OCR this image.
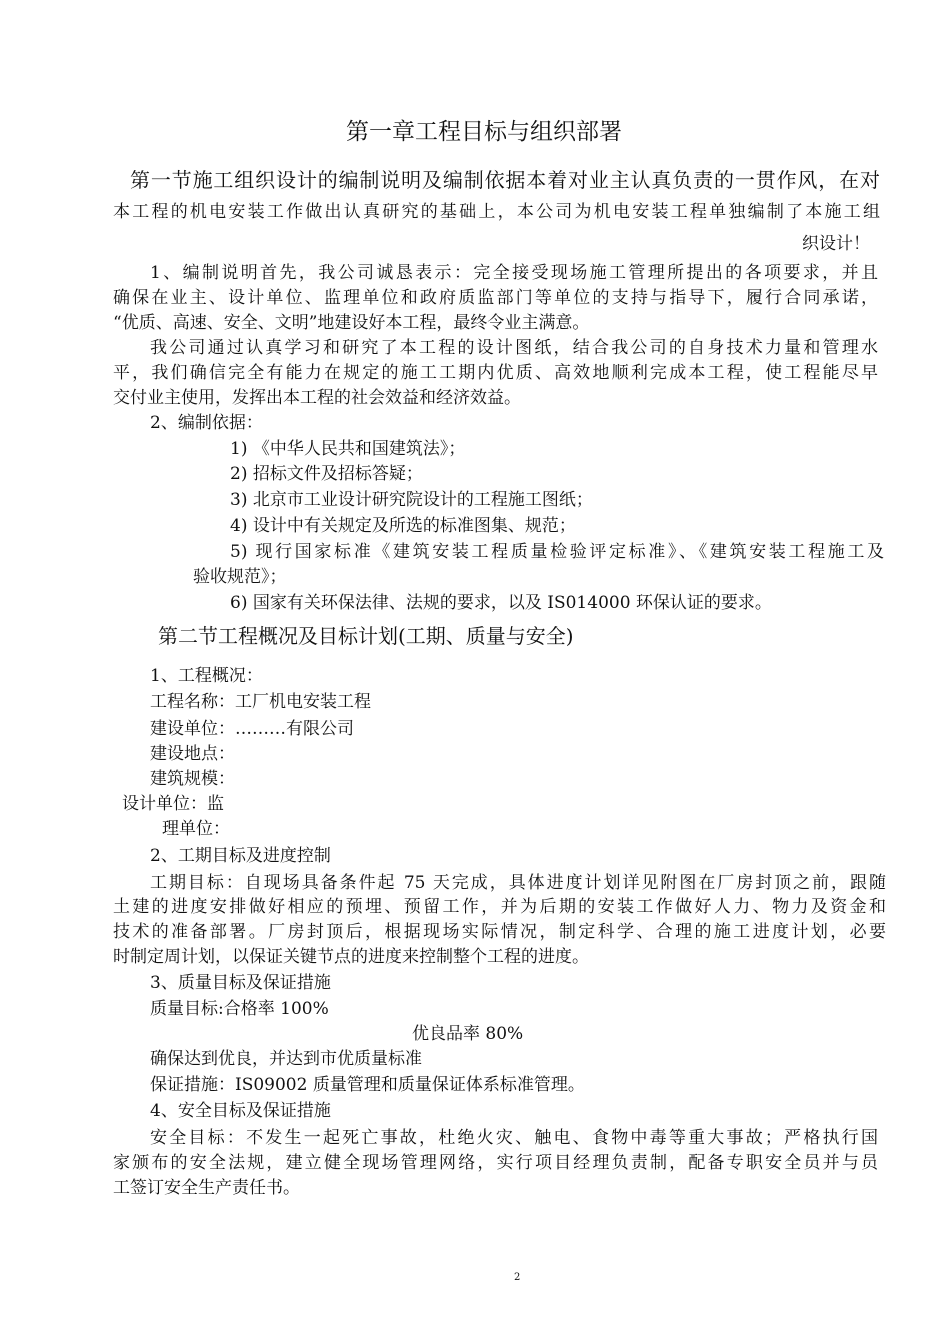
第一章工程目标与组织部署
第一节施工组织设计的编制说明及编制依据本着对业主认真负责的一贯作风，在对
本工程的机电安装工作做出认真研究的基础上，本公司为机电安装工程单独编制了本施工组
织设计！
1、编制说明首先，我公司诚恳表示：完全接受现场施工管理所提出的各项要求，并且
确保在业主、设计单位、监理单位和政府质监部门等单位的支持与指导下，履行合同承诺，
“优质、高速、安全、文明”地建设好本工程，最终令业主满意。
我公司通过认真学习和研究了本工程的设计图纸，结合我公司的自身技术力量和管理水
平，我们确信完全有能力在规定的施工工期内优质、高效地顺利完成本工程，使工程能尽早
交付业主使用，发挥出本工程的社会效益和经济效益。
2、编制依据：
1) 《中华人民共和国建筑法》；
2) 招标文件及招标答疑；
3) 北京市工业设计研究院设计的工程施工图纸；
4) 设计中有关规定及所选的标准图集、规范；
5) 现行国家标准《建筑安装工程质量检验评定标准》、《建筑安装工程施工及
验收规范》；
6) 国家有关环保法律、法规的要求，以及 IS014000 环保认证的要求。
第二节工程概况及目标计划(工期、质量与安全)
1、工程概况：
工程名称：工厂机电安装工程
建设单位：………有限公司
建设地点：
建筑规模：
设计单位：监
理单位：
2、工期目标及进度控制
工期目标：自现场具备条件起 75 天完成，具体进度计划详见附图在厂房封顶之前，跟随
土建的进度安排做好相应的预埋、预留工作，并为后期的安装工作做好人力、物力及资金和
技术的准备部署。厂房封顶后，根据现场实际情况，制定科学、合理的施工进度计划，必要
时制定周计划，以保证关键节点的进度来控制整个工程的进度。
3、质量目标及保证措施
质量目标:合格率 100%
优良品率 80%
确保达到优良，并达到市优质量标准
保证措施：IS09002 质量管理和质量保证体系标准管理。
4、安全目标及保证措施
安全目标：不发生一起死亡事故，杜绝火灾、触电、食物中毒等重大事故；严格执行国
家颁布的安全法规，建立健全现场管理网络，实行项目经理负责制，配备专职安全员并与员
工签订安全生产责任书。
2
